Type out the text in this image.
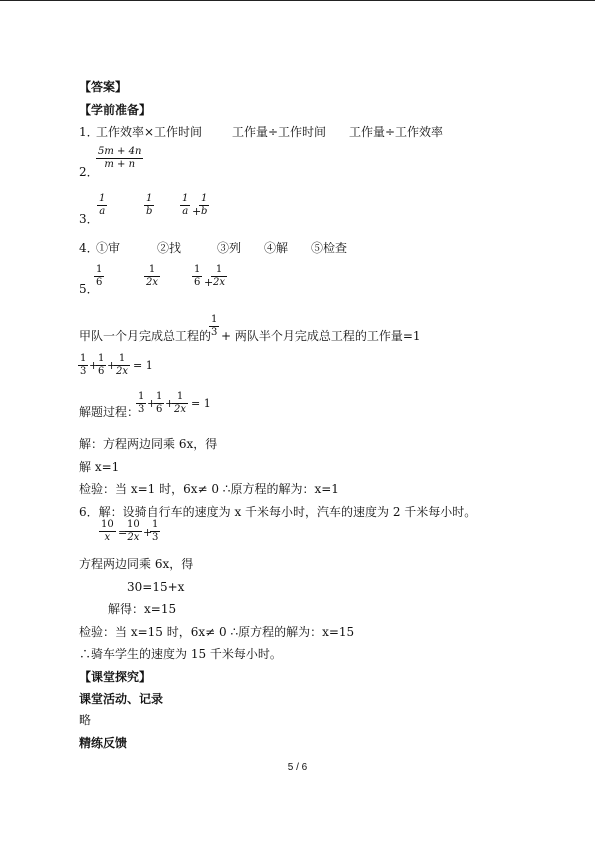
【答案】
【学前准备】
1．
工作效率×工作时间 工作量÷工作时间 工作量÷工作效率
2．
5m + 4n
m + n
3．
1
a
1
b
1
a +
1
b
4．
①审	②找	③列 ④解 ⑤检查
5．
1
6
1
2x
1
6 +
1
2x
甲队一个月完成总工程的
1
3 + 两队半个月完成总工程的工作量=1
1
3 +
1
6 +
1
2x = 1
解题过程：
1
3 +
1
6 +
1
2x = 1
解：方程两边同乘 6x，得
解 x=1
检验：当 x=1 时，6x≠ 0 ∴原方程的解为：x=1
6．解：设骑自行车的速度为 x 千米每小时，汽车的速度为 2 千米每小时。
10
x =
10
2x +
1
3
方程两边同乘 6x，得
30=15+x
解得：x=15
检验：当 x=15 时，6x≠ 0 ∴原方程的解为：x=15
∴骑车学生的速度为 15 千米每小时。
【课堂探究】
课堂活动、记录
略
精练反馈
5 / 6
